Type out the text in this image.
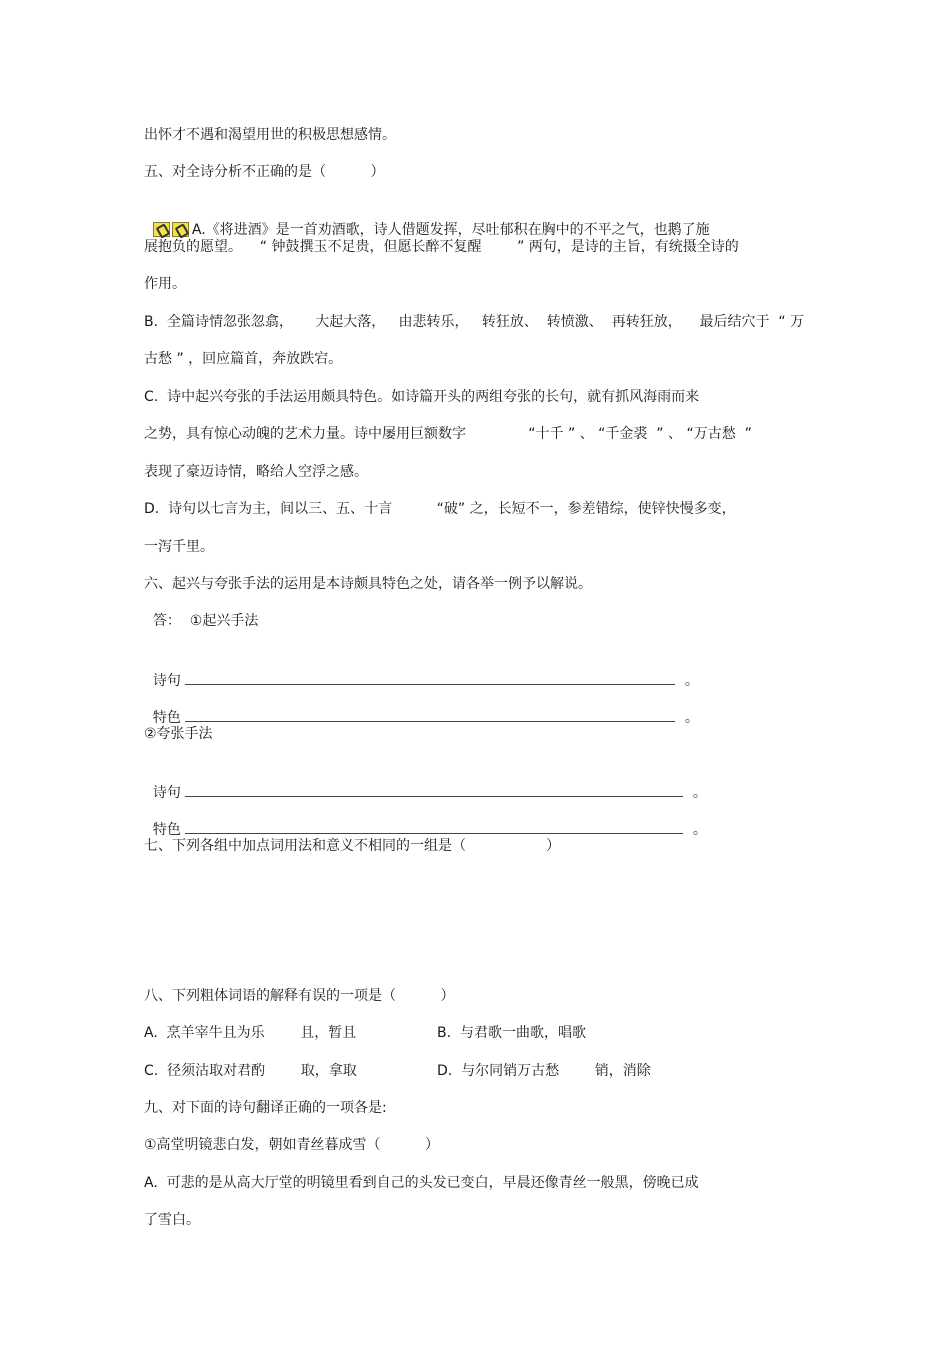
出怀才不遇和渴望用世的积极思想感情。
五、对全诗分析不正确的是（          ）

A.《将进酒》是一首劝酒歌，诗人借题发挥，尽吐郁积在胸中的不平之气，也鹅了施

展抱负的愿望。    “ 钟鼓撰玉不足贵，但愿长醉不复醒        ” 两句，是诗的主旨，有统摄全诗的
作用。
B.  全篇诗情忽张忽翕，     大起大落，   由悲转乐，   转狂放、  转愤激、  再转狂放，    最后结穴于  “ 万
古愁 ” ，回应篇首，奔放跌宕。
C.  诗中起兴夸张的手法运用颇具特色。如诗篇开头的两组夸张的长句，就有抓风海雨而来
之势，具有惊心动魄的艺术力量。诗中屡用巨额数字              “十千 ” 、 “千金裘  ” 、 “万古愁  ”
表现了豪迈诗情，略给人空浮之感。
D.  诗句以七言为主，间以三、五、十言          “破” 之，长短不一，参差错综，使锌快慢多变，
一泻千里。
六、起兴与夸张手法的运用是本诗颇具特色之处，请各举一例予以解说。
答：  ①起兴手法

诗句	。

特色	。

②夸张手法

诗句	。

特色	。

七、下列各组中加点词用法和意义不相同的一组是（                  ）
八、下列粗体词语的解释有误的一项是（          ）
A.  烹羊宰牛且为乐        且，暂且	B.  与君歌一曲歌，唱歌
C.  径须沽取对君酌        取，拿取	D.  与尔同销万古愁        销，消除
九、对下面的诗句翻译正确的一项各是:
①高堂明镜悲白发，朝如青丝暮成雪（          ）
A.  可悲的是从高大厅堂的明镜里看到自己的头发已变白，早晨还像青丝一般黑，傍晚已成
了雪白。
